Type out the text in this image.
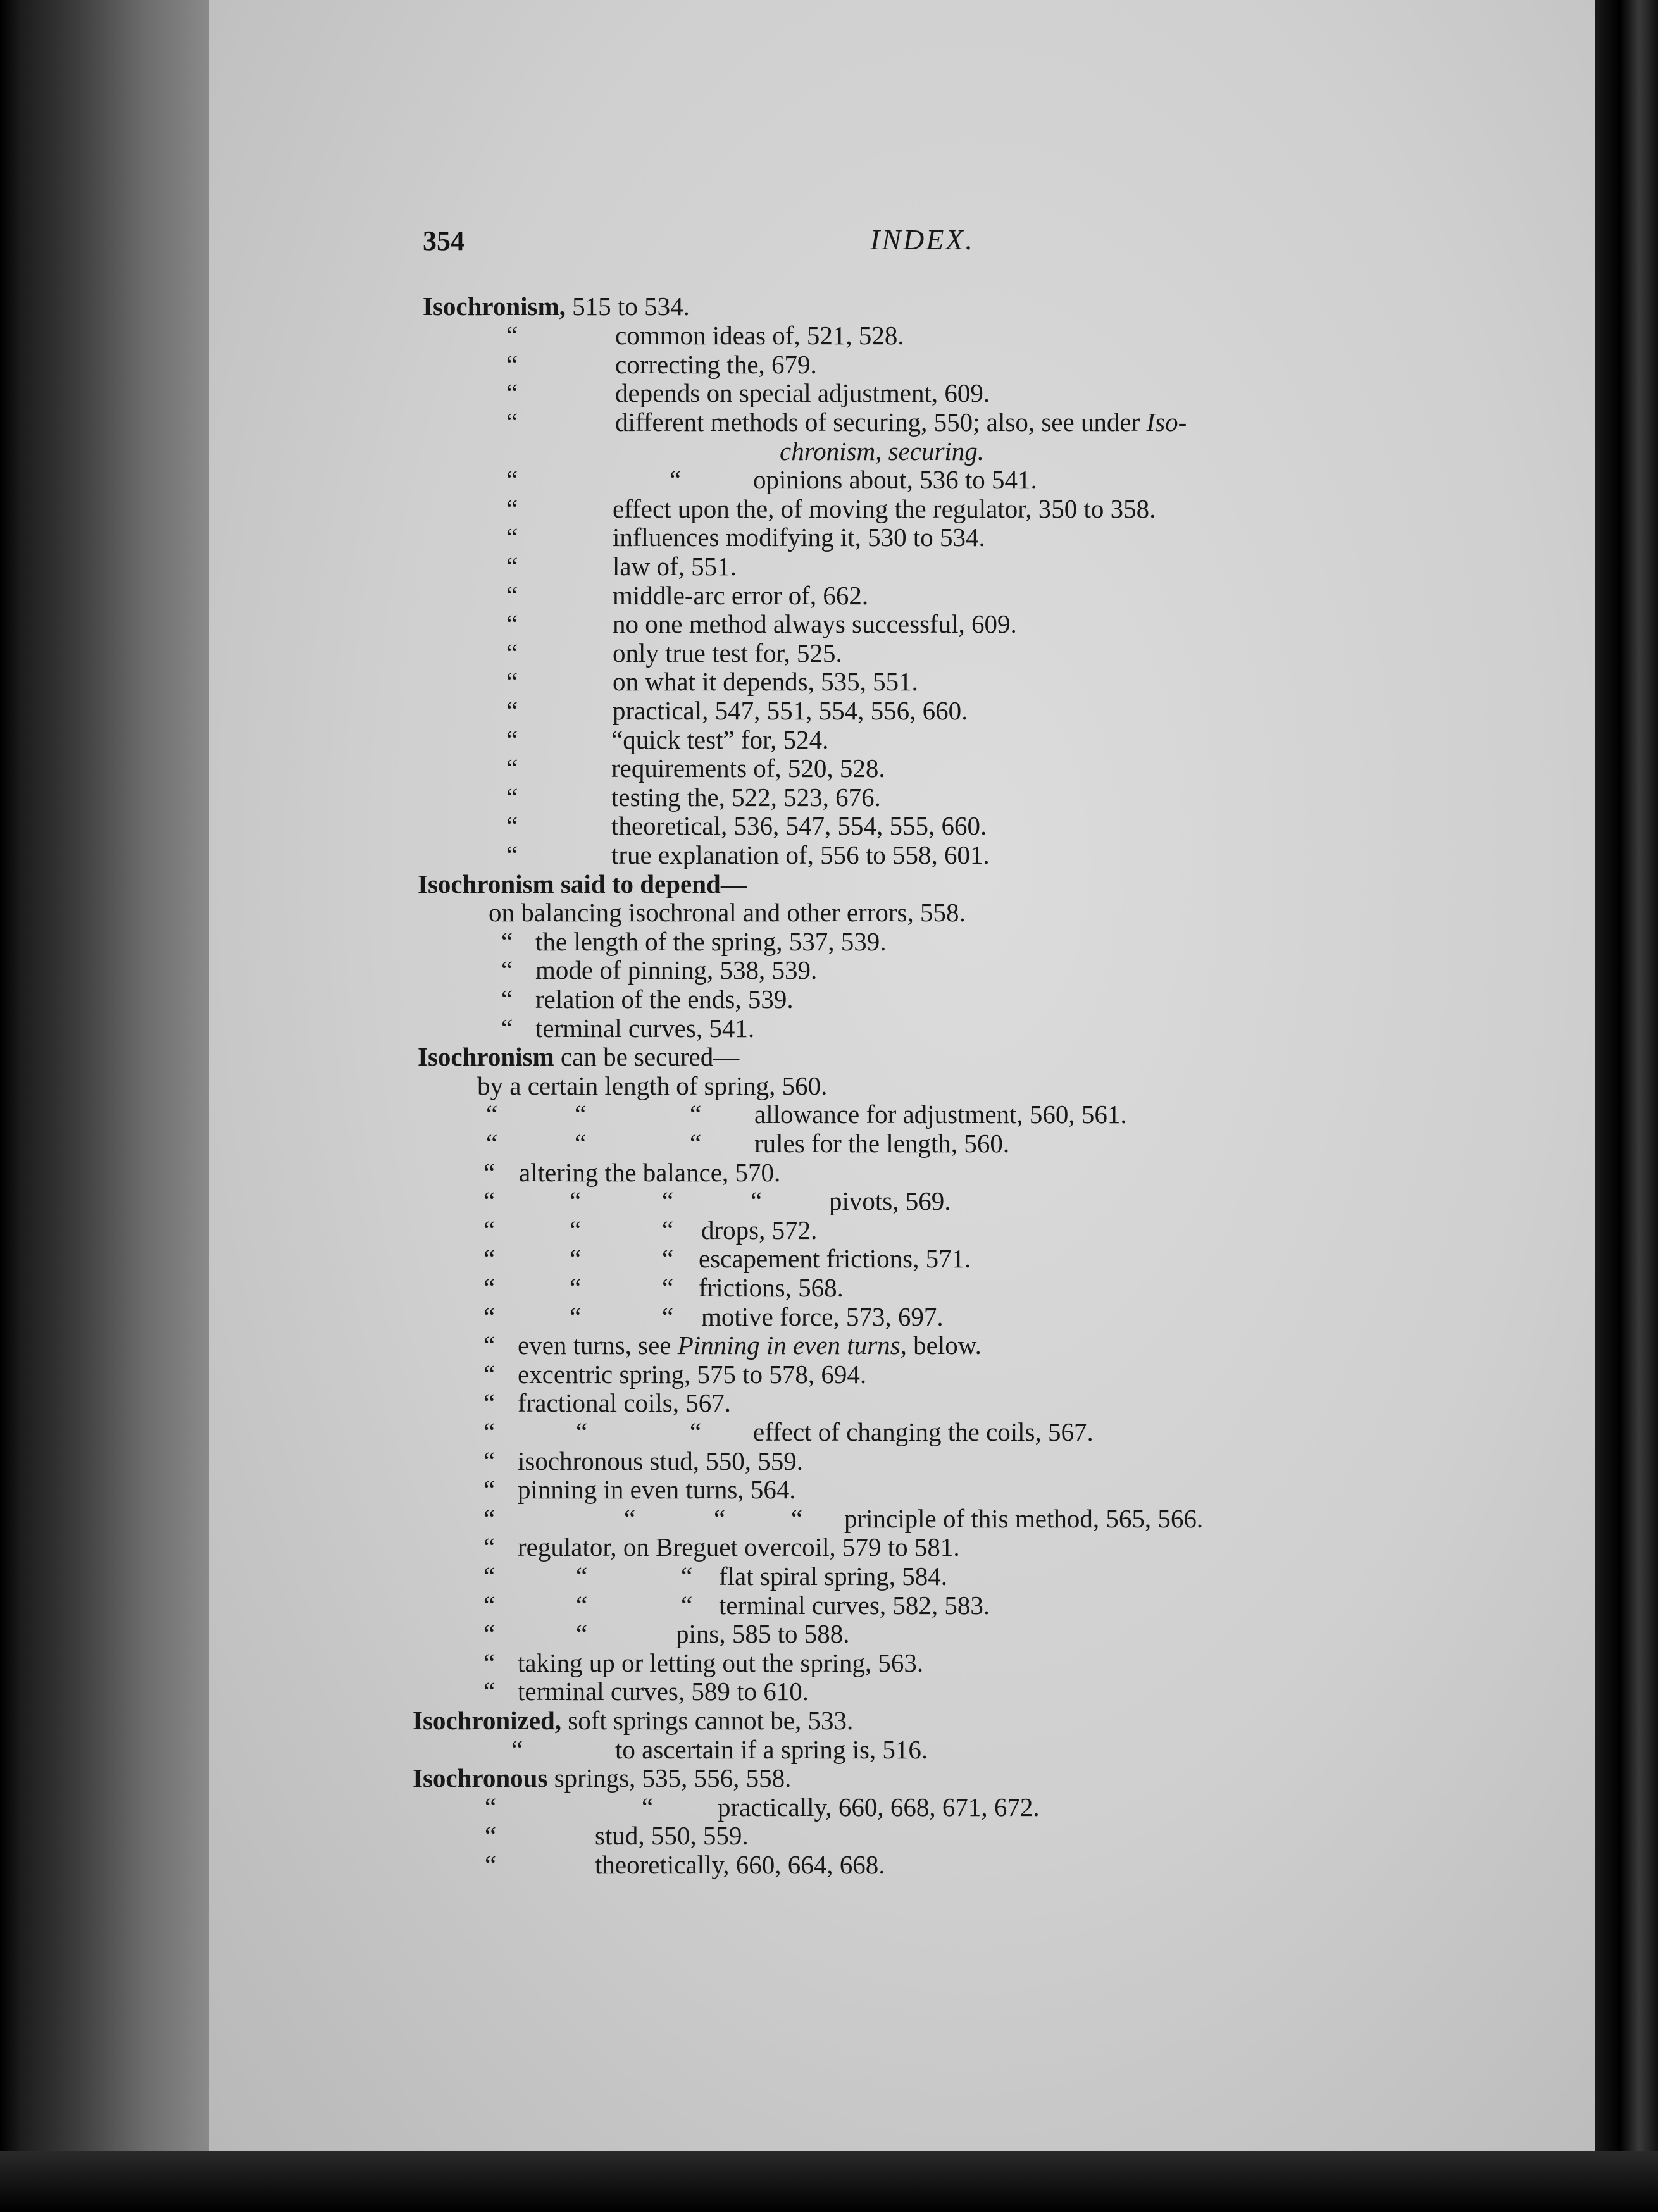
354	INDEX.
Isochronism, 515 to 534.
“	common ideas of, 521, 528.
“	correcting the, 679.
“	depends on special adjustment, 609.
“	different methods of securing, 550; also, see under Iso-
chronism, securing.
“	“	opinions about, 536 to 541.
“	effect upon the, of moving the regulator, 350 to 358.
“	influences modifying it, 530 to 534.
“	law of, 551.
“	middle-arc error of, 662.
“	no one method always successful, 609.
“	only true test for, 525.
“	on what it depends, 535, 551.
“	practical, 547, 551, 554, 556, 660.
“	“quick test” for, 524.
“	requirements of, 520, 528.
“	testing the, 522, 523, 676.
“	theoretical, 536, 547, 554, 555, 660.
“	true explanation of, 556 to 558, 601.
Isochronism said to depend—
on balancing isochronal and other errors, 558.
“ the length of the spring, 537, 539.
“ mode of pinning, 538, 539.
“ relation of the ends, 539.
“ terminal curves, 541.
Isochronism can be secured—
by a certain length of spring, 560.
“	“	“ allowance for adjustment, 560, 561.
“	“	“ rules for the length, 560.
“ altering the balance, 570.
“	“	“	“	pivots, 569.
“	“	“ drops, 572.
“	“	“ escapement frictions, 571.
“	“	“ frictions, 568.
“	“	“ motive force, 573, 697.
“ even turns, see Pinning in even turns, below.
“ excentric spring, 575 to 578, 694.
“ fractional coils, 567.
“	“	“ effect of changing the coils, 567.
“ isochronous stud, 550, 559.
“ pinning in even turns, 564.
“	“	“	“ principle of this method, 565, 566.
“ regulator, on Breguet overcoil, 579 to 581.
“	“	“ flat spiral spring, 584.
“	“	“ terminal curves, 582, 583.
“	“	pins, 585 to 588.
“ taking up or letting out the spring, 563.
“ terminal curves, 589 to 610.
Isochronized, soft springs cannot be, 533.
“	to ascertain if a spring is, 516.
Isochronous springs, 535, 556, 558.
“	“ practically, 660, 668, 671, 672.
“	stud, 550, 559.
“	theoretically, 660, 664, 668.
